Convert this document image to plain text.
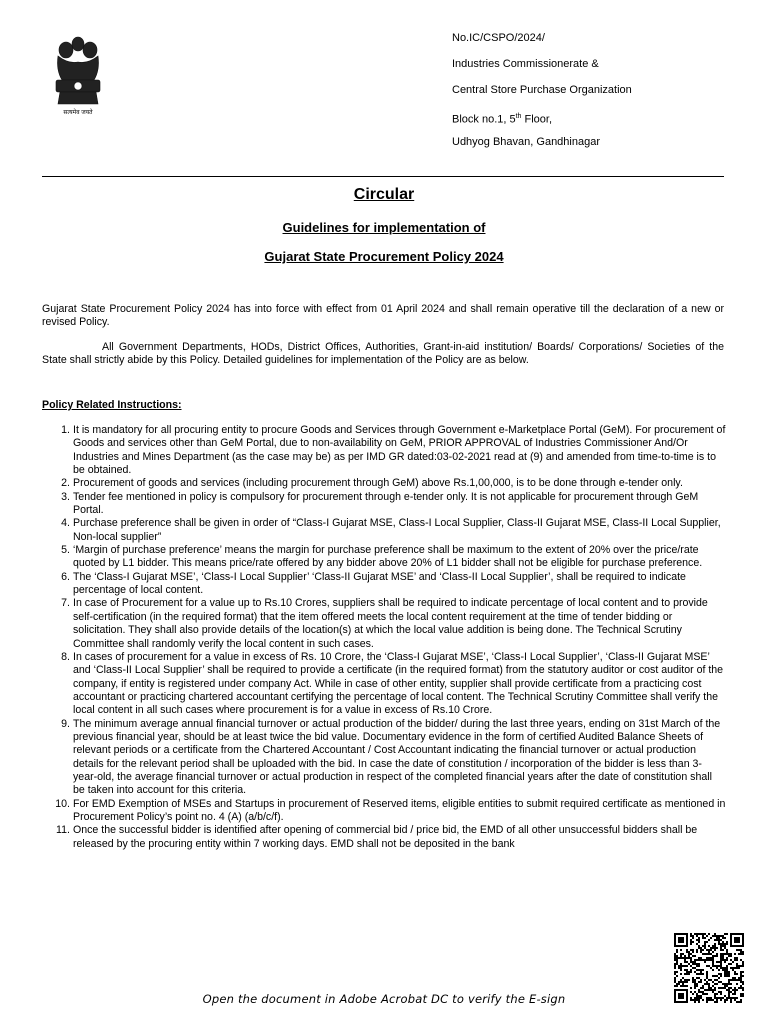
सत्यमेव जयते
No.IC/CSPO/2024/
Industries Commissionerate &
Central Store Purchase Organization
Block no.1, 5th Floor,
Udhyog Bhavan, Gandhinagar
Circular
Guidelines for implementation of
Gujarat State Procurement Policy 2024
Gujarat State Procurement Policy 2024 has into force with effect from 01 April 2024 and shall remain operative till the declaration of a new or revised Policy.
All Government Departments, HODs, District Offices, Authorities, Grant-in-aid institution/ Boards/ Corporations/ Societies of the State shall strictly abide by this Policy. Detailed guidelines for implementation of the Policy are as below.
Policy Related Instructions:
1. It is mandatory for all procuring entity to procure Goods and Services through Government e-Marketplace Portal (GeM). For procurement of Goods and services other than GeM Portal, due to non-availability on GeM, PRIOR APPROVAL of Industries Commissioner And/Or Industries and Mines Department (as the case may be) as per IMD GR dated:03-02-2021 read at (9) and amended from time-to-time is to be obtained.
2. Procurement of goods and services (including procurement through GeM) above Rs.1,00,000, is to be done through e-tender only.
3. Tender fee mentioned in policy is compulsory for procurement through e-tender only. It is not applicable for procurement through GeM Portal.
4. Purchase preference shall be given in order of “Class-I Gujarat MSE, Class-I Local Supplier, Class-II Gujarat MSE, Class-II Local Supplier, Non-local supplier”
5. ‘Margin of purchase preference’ means the margin for purchase preference shall be maximum to the extent of 20% over the price/rate quoted by L1 bidder. This means price/rate offered by any bidder above 20% of L1 bidder shall not be eligible for purchase preference.
6. The ‘Class-I Gujarat MSE’, ‘Class-I Local Supplier’ ‘Class-II Gujarat MSE’ and ‘Class-II Local Supplier’, shall be required to indicate percentage of local content.
7. In case of Procurement for a value up to Rs.10 Crores, suppliers shall be required to indicate percentage of local content and to provide self-certification (in the required format) that the item offered meets the local content requirement at the time of tender bidding or solicitation. They shall also provide details of the location(s) at which the local value addition is being done. The Technical Scrutiny Committee shall randomly verify the local content in such cases.
8. In cases of procurement for a value in excess of Rs. 10 Crore, the ‘Class-I Gujarat MSE’, ‘Class-I Local Supplier’, ‘Class-II Gujarat MSE’ and ‘Class-II Local Supplier’ shall be required to provide a certificate (in the required format) from the statutory auditor or cost auditor of the company, if entity is registered under company Act. While in case of other entity, supplier shall provide certificate from a practicing cost accountant or practicing chartered accountant certifying the percentage of local content. The Technical Scrutiny Committee shall verify the local content in all such cases where procurement is for a value in excess of Rs.10 Crore.
9. The minimum average annual financial turnover or actual production of the bidder/ during the last three years, ending on 31st March of the previous financial year, should be at least twice the bid value. Documentary evidence in the form of certified Audited Balance Sheets of relevant periods or a certificate from the Chartered Accountant / Cost Accountant indicating the financial turnover or actual production details for the relevant period shall be uploaded with the bid. In case the date of constitution / incorporation of the bidder is less than 3-year-old, the average financial turnover or actual production in respect of the completed financial years after the date of constitution shall be taken into account for this criteria.
10. For EMD Exemption of MSEs and Startups in procurement of Reserved items, eligible entities to submit required certificate as mentioned in Procurement Policy’s point no. 4 (A) (a/b/c/f).
11. Once the successful bidder is identified after opening of commercial bid / price bid, the EMD of all other unsuccessful bidders shall be released by the procuring entity within 7 working days. EMD shall not be deposited in the bank
Open the document in Adobe Acrobat DC to verify the E-sign
